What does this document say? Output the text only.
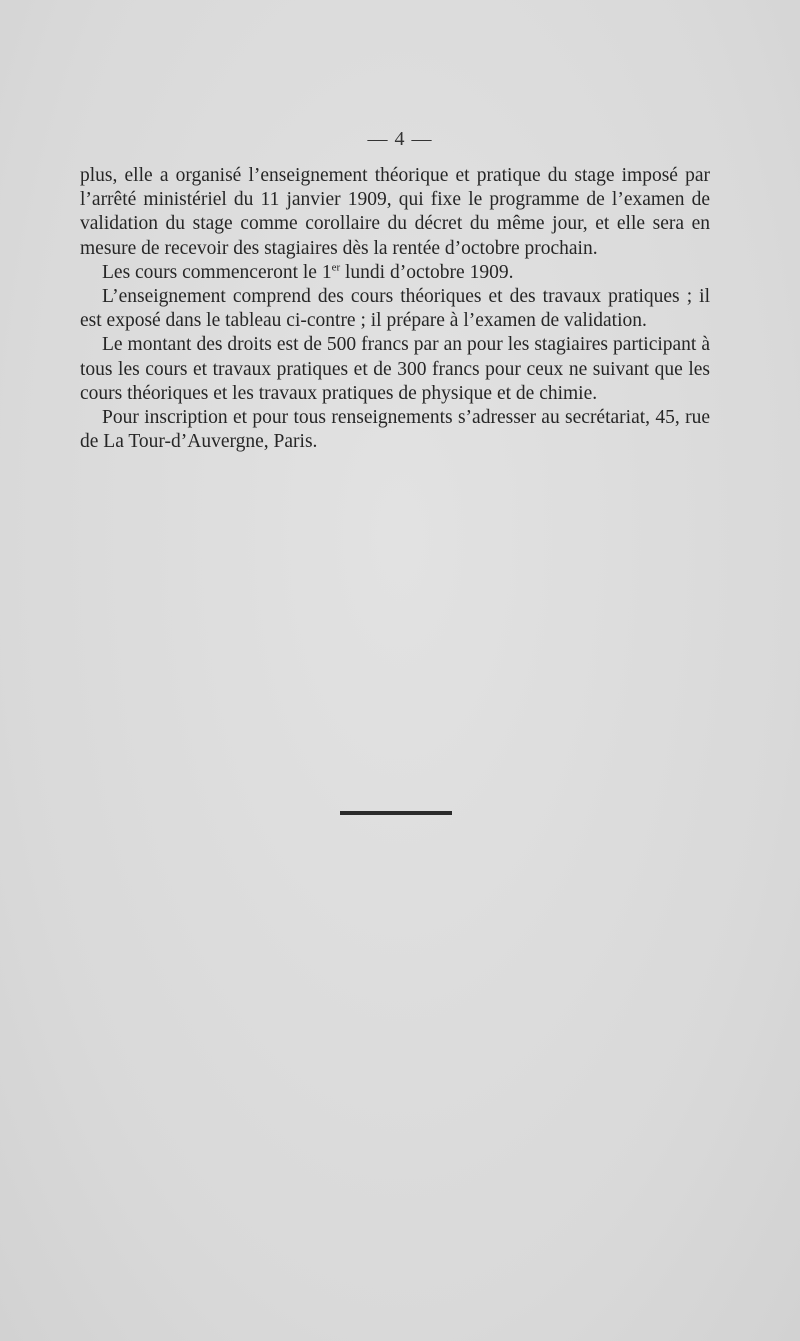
— 4 —

plus, elle a organisé l’enseignement théorique et pratique du stage imposé par l’arrêté ministériel du 11 janvier 1909, qui fixe le programme de l’examen de validation du stage comme corollaire du décret du même jour, et elle sera en mesure de recevoir des stagiaires dès la rentée d’octobre prochain.

Les cours commenceront le 1er lundi d’octobre 1909.

L’enseignement comprend des cours théoriques et des travaux pratiques ; il est exposé dans le tableau ci-contre ; il prépare à l’examen de validation.

Le montant des droits est de 500 francs par an pour les stagiaires participant à tous les cours et travaux pratiques et de 300 francs pour ceux ne suivant que les cours théoriques et les travaux pratiques de physique et de chimie.

Pour inscription et pour tous renseignements s’adresser au secrétariat, 45, rue de La Tour-d’Auvergne, Paris.
